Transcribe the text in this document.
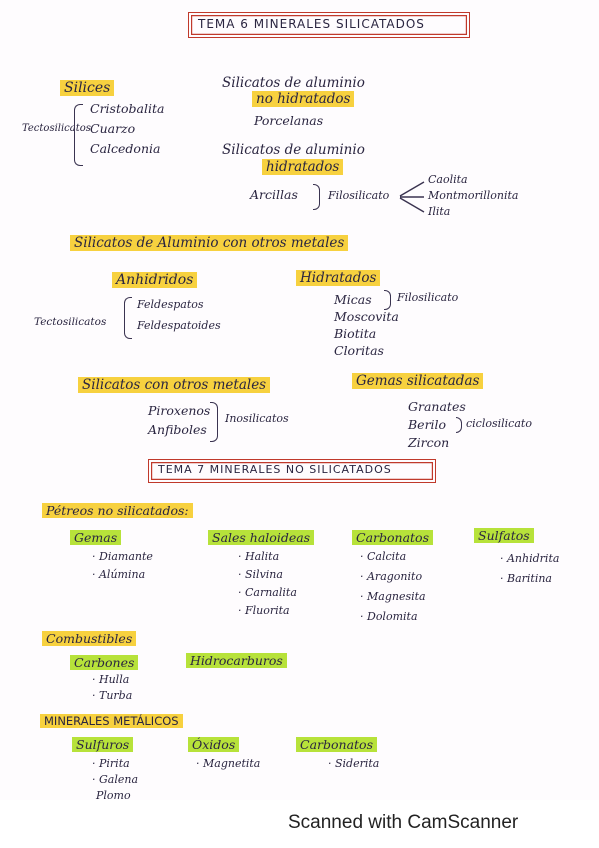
TEMA 6 MINERALES SILICATADOS
Silices
Tectosilicatos
Cristobalita
Cuarzo
Calcedonia
Silicatos de aluminio
no hidratados
Porcelanas
Silicatos de aluminio
hidratados
Arcillas	Filosilicato
Caolita
Montmorillonita
Ilita
Silicatos de Aluminio con otros metales
Anhidridos
Tectosilicatos
Feldespatos
Feldespatoides
Hidratados
Micas Filosilicato
Moscovita
Biotita
Cloritas
Silicatos con otros metales
Piroxenos
Anfiboles
Inosilicatos
Gemas silicatadas
Granates
Berilo ciclosilicato
Zircon
TEMA 7 MINERALES NO SILICATADOS
Pétreos no silicatados:
Gemas
· Diamante
· Alúmina
Sales haloideas
· Halita
· Silvina
· Carnalita
· Fluorita
Carbonatos
· Calcita
· Aragonito
· Magnesita
· Dolomita
Sulfatos
· Anhidrita
· Baritina
Combustibles
Carbones
· Hulla
· Turba
Hidrocarburos
MINERALES METÁLICOS
Sulfuros
· Pirita
· Galena
Plomo
Óxidos
· Magnetita
Carbonatos
· Siderita
Scanned with CamScanner
